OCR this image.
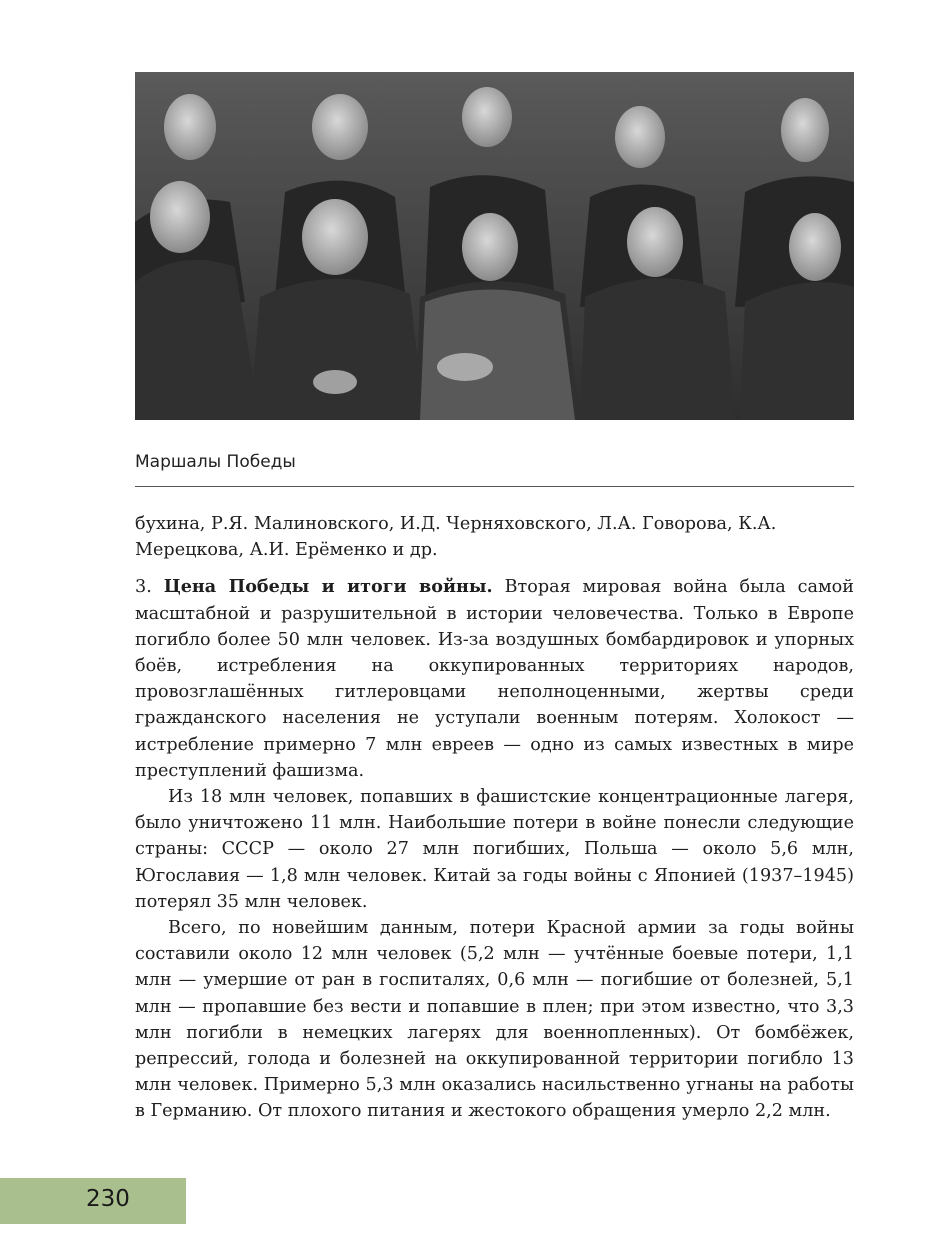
Маршалы Победы

бухина, Р.Я. Малиновского, И.Д. Черняховского, Л.А. Говорова, К.А. Мерецкова, А.И. Ерёменко и др.

3. Цена Победы и итоги войны. Вторая мировая война была самой масштабной и разрушительной в истории человечества. Только в Европе погибло более 50 млн человек. Из-за воздушных бомбардировок и упорных боёв, истребления на оккупированных территориях народов, провозглашённых гитлеровцами неполноценными, жертвы среди гражданского населения не уступали военным потерям. Холокост — истребление примерно 7 млн евреев — одно из самых известных в мире преступлений фашизма.

Из 18 млн человек, попавших в фашистские концентрационные лагеря, было уничтожено 11 млн. Наибольшие потери в войне понесли следующие страны: СССР — около 27 млн погибших, Польша — около 5,6 млн, Югославия — 1,8 млн человек. Китай за годы войны с Японией (1937–1945) потерял 35 млн человек.

Всего, по новейшим данным, потери Красной армии за годы войны составили около 12 млн человек (5,2 млн — учтённые боевые потери, 1,1 млн — умершие от ран в госпиталях, 0,6 млн — погибшие от болезней, 5,1 млн — пропавшие без вести и попавшие в плен; при этом известно, что 3,3 млн погибли в немецких лагерях для военнопленных). От бомбёжек, репрессий, голода и болезней на оккупированной территории погибло 13 млн человек. Примерно 5,3 млн оказались насильственно угнаны на работы в Германию. От плохого питания и жестокого обращения умерло 2,2 млн.

230
